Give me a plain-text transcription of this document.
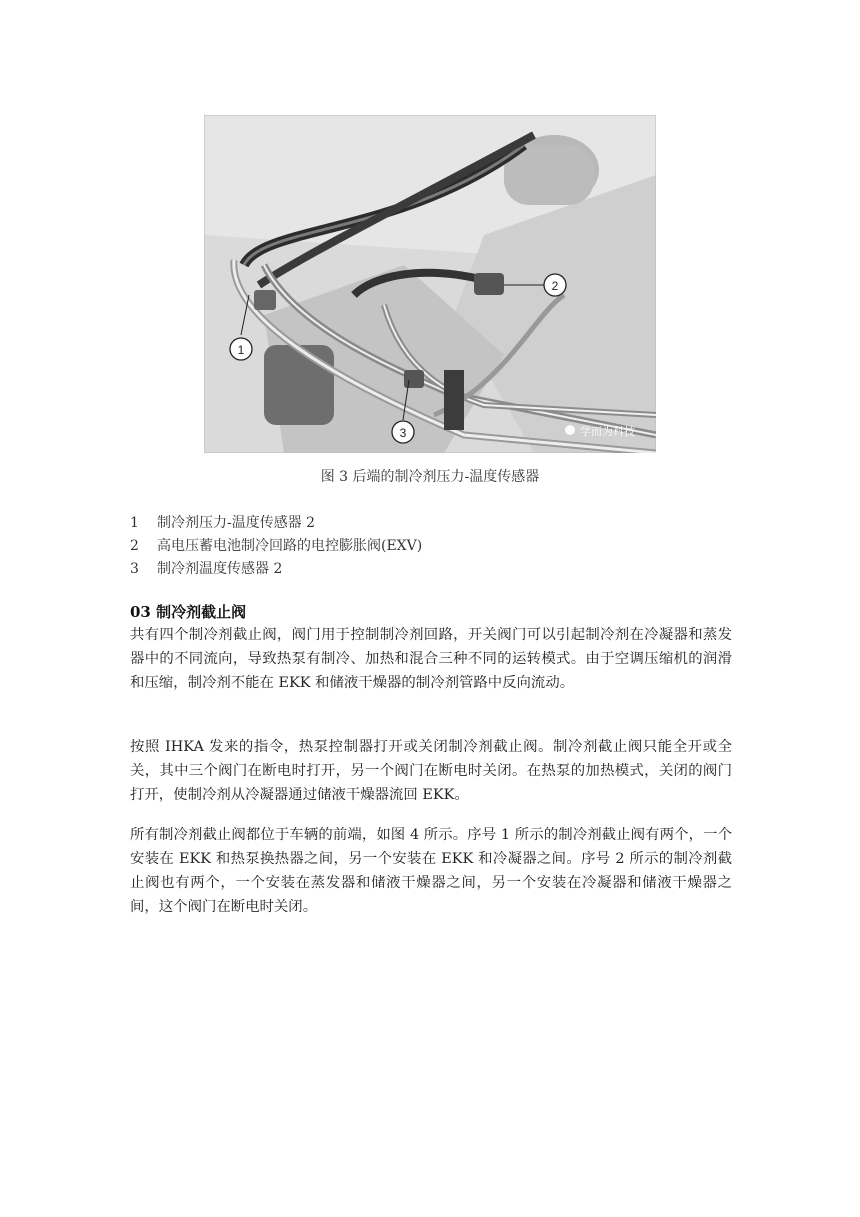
1
2
3	学而为科技
图 3 后端的制冷剂压力-温度传感器
1	制冷剂压力-温度传感器 2
2	高电压蓄电池制冷回路的电控膨胀阀(EXV)
3	制冷剂温度传感器 2
03 制冷剂截止阀
共有四个制冷剂截止阀，阀门用于控制制冷剂回路，开关阀门可以引起制冷剂在冷凝器和蒸发器中的不同流向，导致热泵有制冷、加热和混合三种不同的运转模式。由于空调压缩机的润滑和压缩，制冷剂不能在 EKK 和储液干燥器的制冷剂管路中反向流动。
按照 IHKA 发来的指令，热泵控制器打开或关闭制冷剂截止阀。制冷剂截止阀只能全开或全关，其中三个阀门在断电时打开，另一个阀门在断电时关闭。在热泵的加热模式，关闭的阀门打开，使制冷剂从冷凝器通过储液干燥器流回 EKK。
所有制冷剂截止阀都位于车辆的前端，如图 4 所示。序号 1 所示的制冷剂截止阀有两个，一个安装在 EKK 和热泵换热器之间，另一个安装在 EKK 和冷凝器之间。序号 2 所示的制冷剂截止阀也有两个，一个安装在蒸发器和储液干燥器之间，另一个安装在冷凝器和储液干燥器之间，这个阀门在断电时关闭。
